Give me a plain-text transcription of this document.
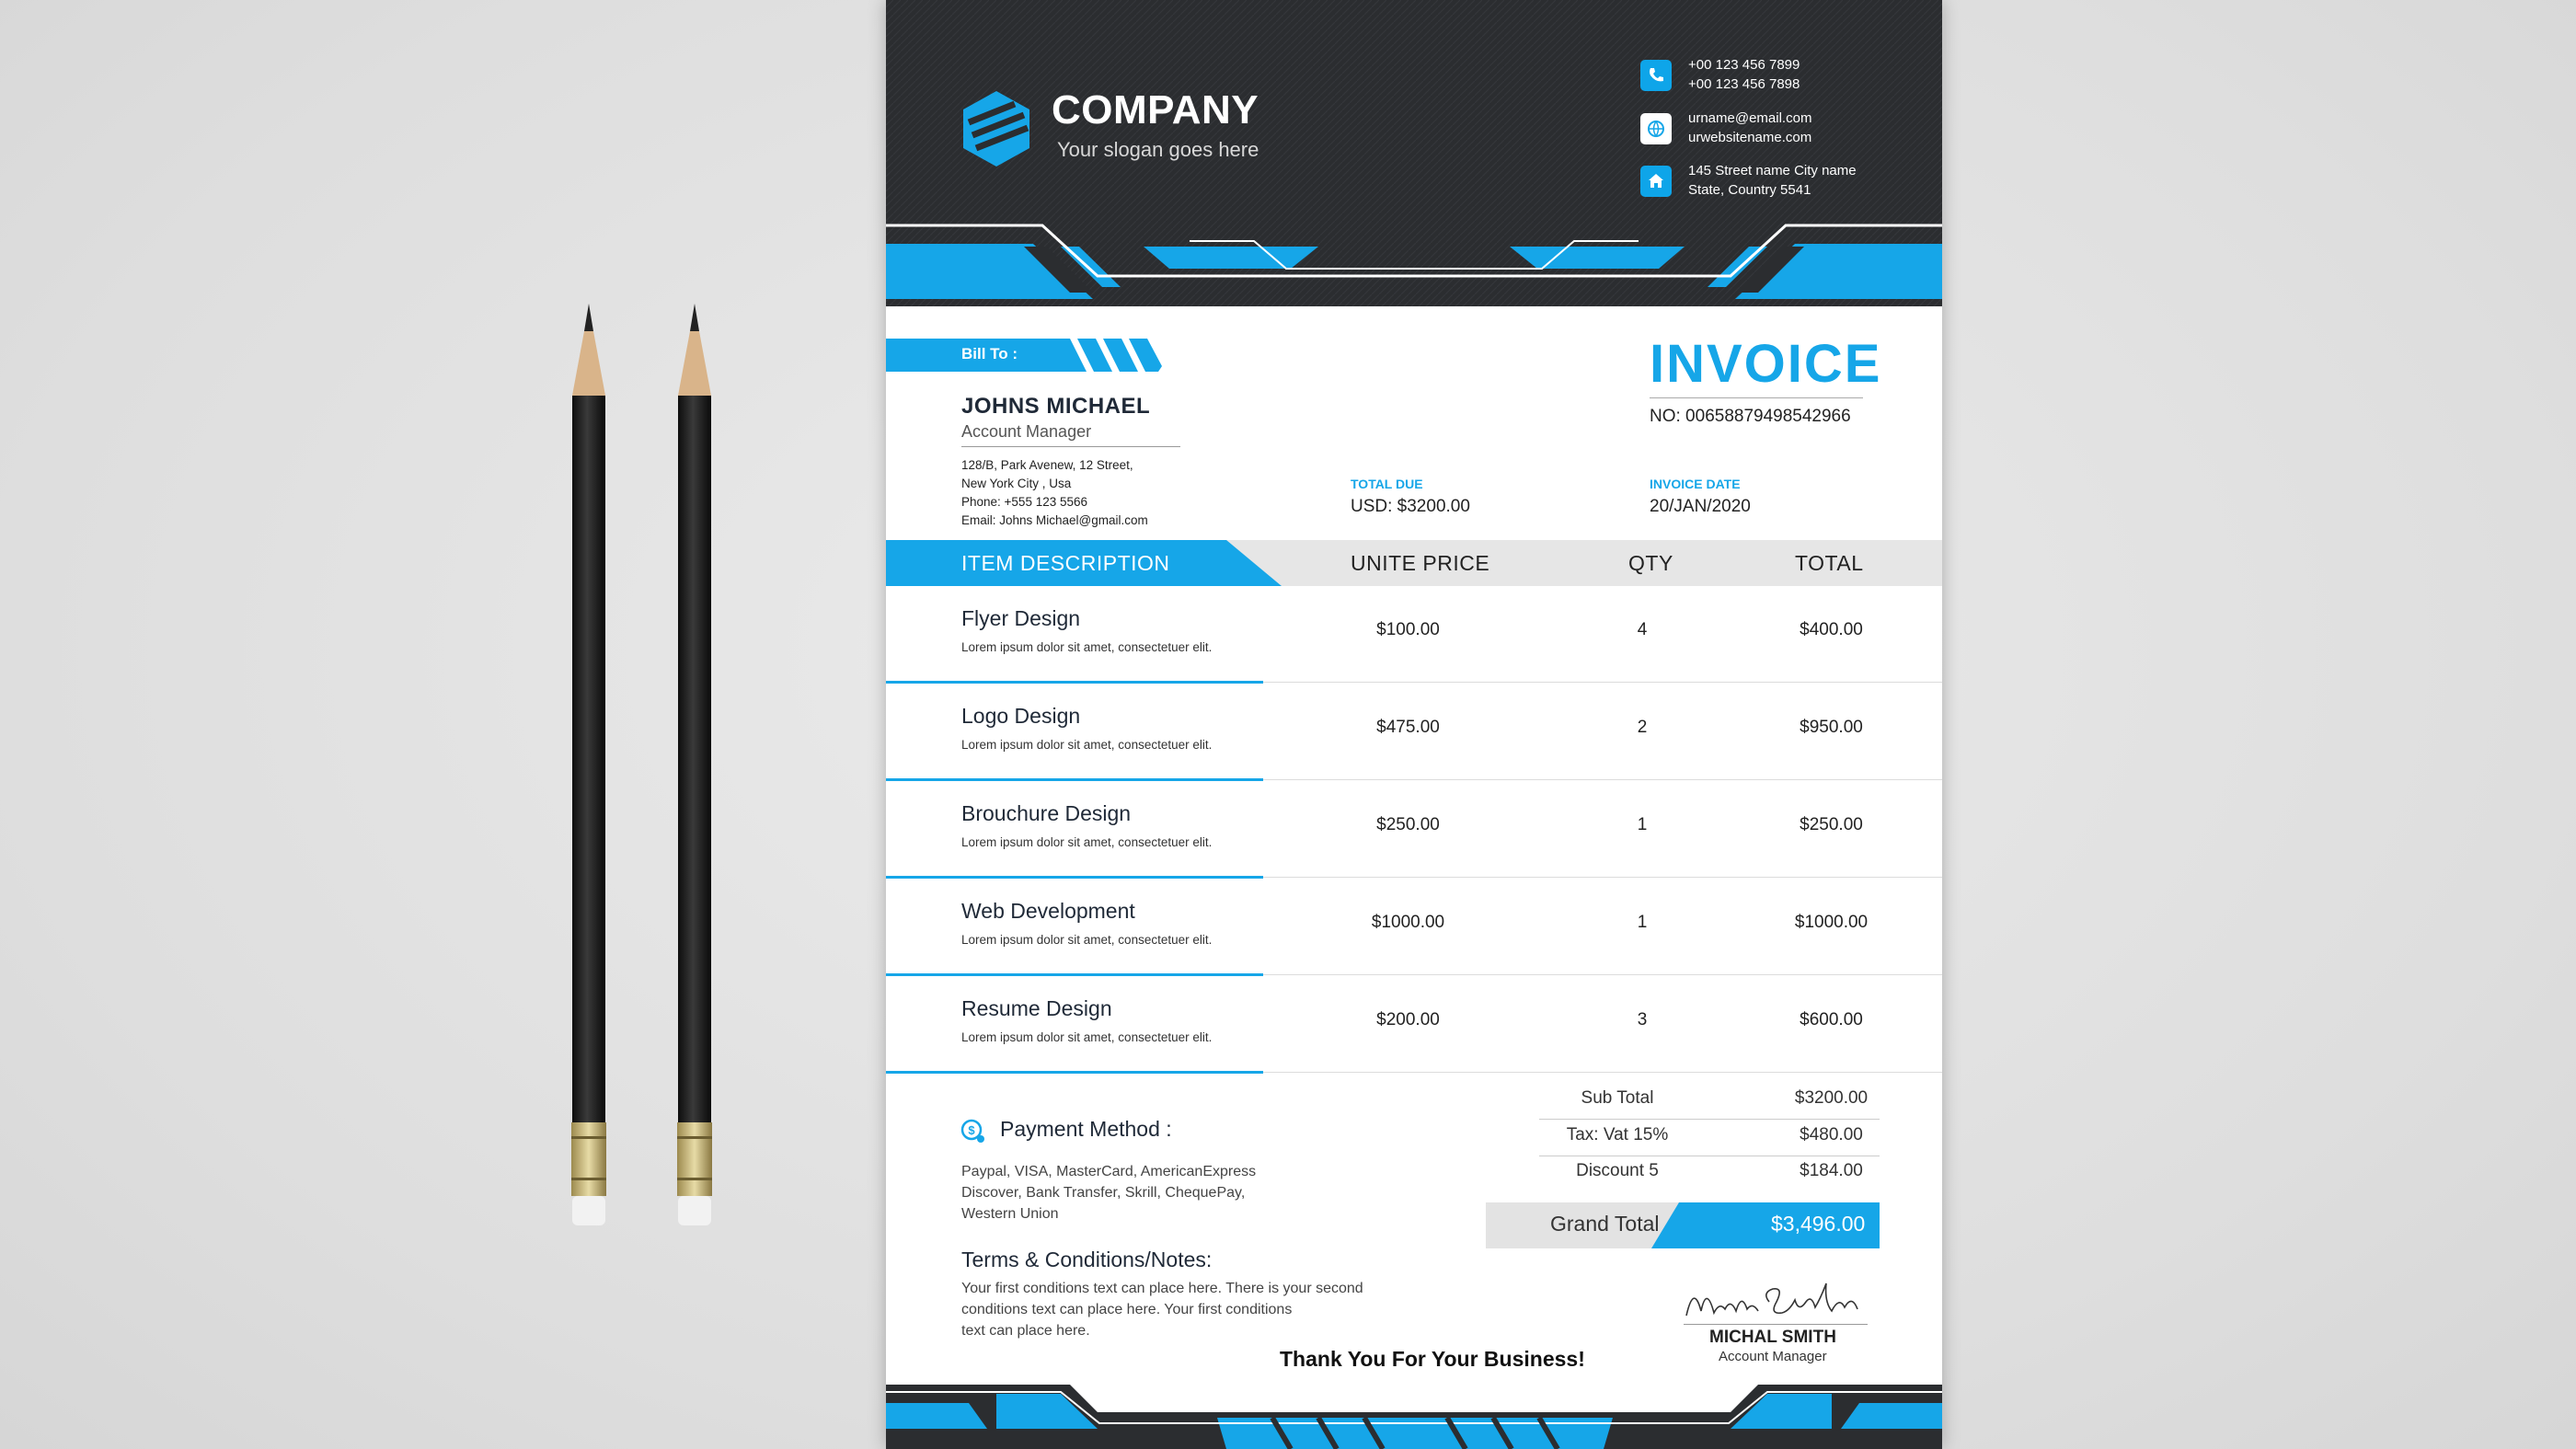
COMPANY
Your slogan goes here
+00 123 456 7899
+00 123 456 7898
urname@email.com
urwebsitename.com
145 Street name City name
State, Country 5541
Bill To :
JOHNS MICHAEL
Account Manager
128/B, Park Avenew, 12 Street,
New York City , Usa
Phone: +555 123 5566
Email: Johns Michael@gmail.com
INVOICE
NO: 00658879498542966
TOTAL DUE
USD: $3200.00
INVOICE DATE
20/JAN/2020
ITEM DESCRIPTION	UNITE PRICE	QTY	TOTAL
Flyer Design
Lorem ipsum dolor sit amet, consectetuer elit.
$100.00	4	$400.00
Logo Design
Lorem ipsum dolor sit amet, consectetuer elit.
$475.00	2	$950.00
Brouchure Design
Lorem ipsum dolor sit amet, consectetuer elit.
$250.00	1	$250.00
Web Development
Lorem ipsum dolor sit amet, consectetuer elit.
$1000.00	1	$1000.00
Resume Design
Lorem ipsum dolor sit amet, consectetuer elit.
$200.00	3	$600.00
Sub Total	$3200.00
Tax: Vat 15%	$480.00
Discount 5	$184.00
Grand Total	$3,496.00
$ Payment Method :
Paypal, VISA, MasterCard, AmericanExpress
Discover, Bank Transfer, Skrill, ChequePay,
Western Union
Terms & Conditions/Notes:
Your first conditions text can place here. There is your second
conditions text can place here. Your first conditions
text can place here.
Thank You For Your Business!
Michal Smith
MICHAL SMITH
Account Manager
